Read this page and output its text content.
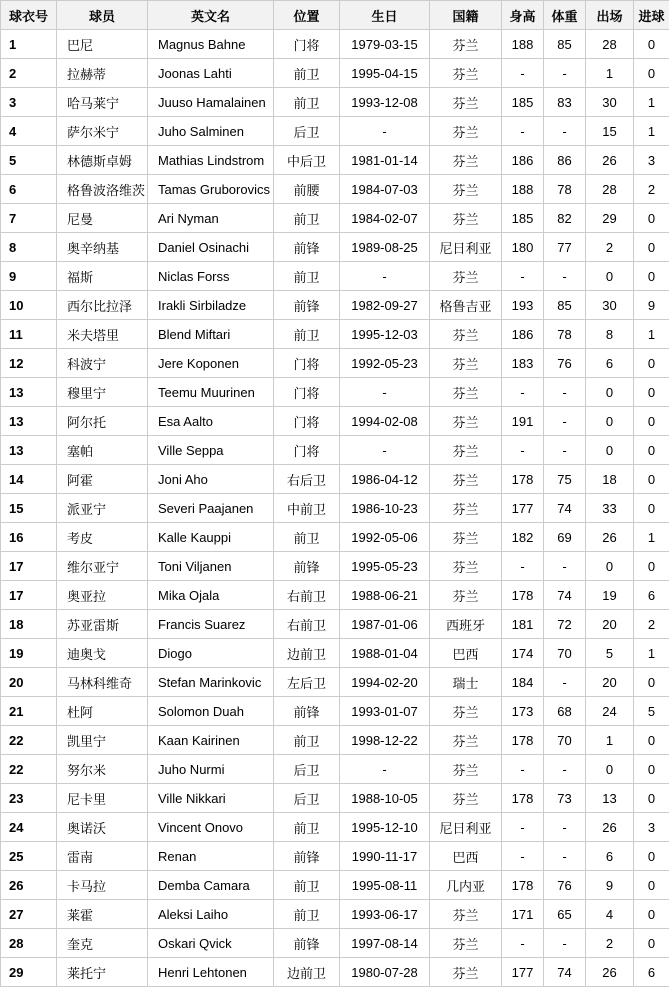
球衣号	球员	英文名	位置	生日	国籍	身高	体重	出场	进球
1	巴尼	Magnus Bahne	门将	1979-03-15	芬兰	188	85	28	0
2	拉赫蒂	Joonas Lahti	前卫	1995-04-15	芬兰	-	-	1	0
3	哈马莱宁	Juuso Hamalainen	前卫	1993-12-08	芬兰	185	83	30	1
4	萨尔米宁	Juho Salminen	后卫	-	芬兰	-	-	15	1
5	林德斯卓姆	Mathias Lindstrom	中后卫	1981-01-14	芬兰	186	86	26	3
6	格鲁波洛维茨	Tamas Gruborovics	前腰	1984-07-03	芬兰	188	78	28	2
7	尼曼	Ari Nyman	前卫	1984-02-07	芬兰	185	82	29	0
8	奥辛纳基	Daniel Osinachi	前锋	1989-08-25	尼日利亚	180	77	2	0
9	福斯	Niclas Forss	前卫	-	芬兰	-	-	0	0
10	西尔比拉泽	Irakli Sirbiladze	前锋	1982-09-27	格鲁吉亚	193	85	30	9
11	米夫塔里	Blend Miftari	前卫	1995-12-03	芬兰	186	78	8	1
12	科波宁	Jere Koponen	门将	1992-05-23	芬兰	183	76	6	0
13	穆里宁	Teemu Muurinen	门将	-	芬兰	-	-	0	0
13	阿尔托	Esa Aalto	门将	1994-02-08	芬兰	191	-	0	0
13	塞帕	Ville Seppa	门将	-	芬兰	-	-	0	0
14	阿霍	Joni Aho	右后卫	1986-04-12	芬兰	178	75	18	0
15	派亚宁	Severi Paajanen	中前卫	1986-10-23	芬兰	177	74	33	0
16	考皮	Kalle Kauppi	前卫	1992-05-06	芬兰	182	69	26	1
17	维尔亚宁	Toni Viljanen	前锋	1995-05-23	芬兰	-	-	0	0
17	奥亚拉	Mika Ojala	右前卫	1988-06-21	芬兰	178	74	19	6
18	苏亚雷斯	Francis Suarez	右前卫	1987-01-06	西班牙	181	72	20	2
19	迪奥戈	Diogo	边前卫	1988-01-04	巴西	174	70	5	1
20	马林科维奇	Stefan Marinkovic	左后卫	1994-02-20	瑞士	184	-	20	0
21	杜阿	Solomon Duah	前锋	1993-01-07	芬兰	173	68	24	5
22	凯里宁	Kaan Kairinen	前卫	1998-12-22	芬兰	178	70	1	0
22	努尔米	Juho Nurmi	后卫	-	芬兰	-	-	0	0
23	尼卡里	Ville Nikkari	后卫	1988-10-05	芬兰	178	73	13	0
24	奥诺沃	Vincent Onovo	前卫	1995-12-10	尼日利亚	-	-	26	3
25	雷南	Renan	前锋	1990-11-17	巴西	-	-	6	0
26	卡马拉	Demba Camara	前卫	1995-08-11	几内亚	178	76	9	0
27	莱霍	Aleksi Laiho	前卫	1993-06-17	芬兰	171	65	4	0
28	奎克	Oskari Qvick	前锋	1997-08-14	芬兰	-	-	2	0
29	莱托宁	Henri Lehtonen	边前卫	1980-07-28	芬兰	177	74	26	6
